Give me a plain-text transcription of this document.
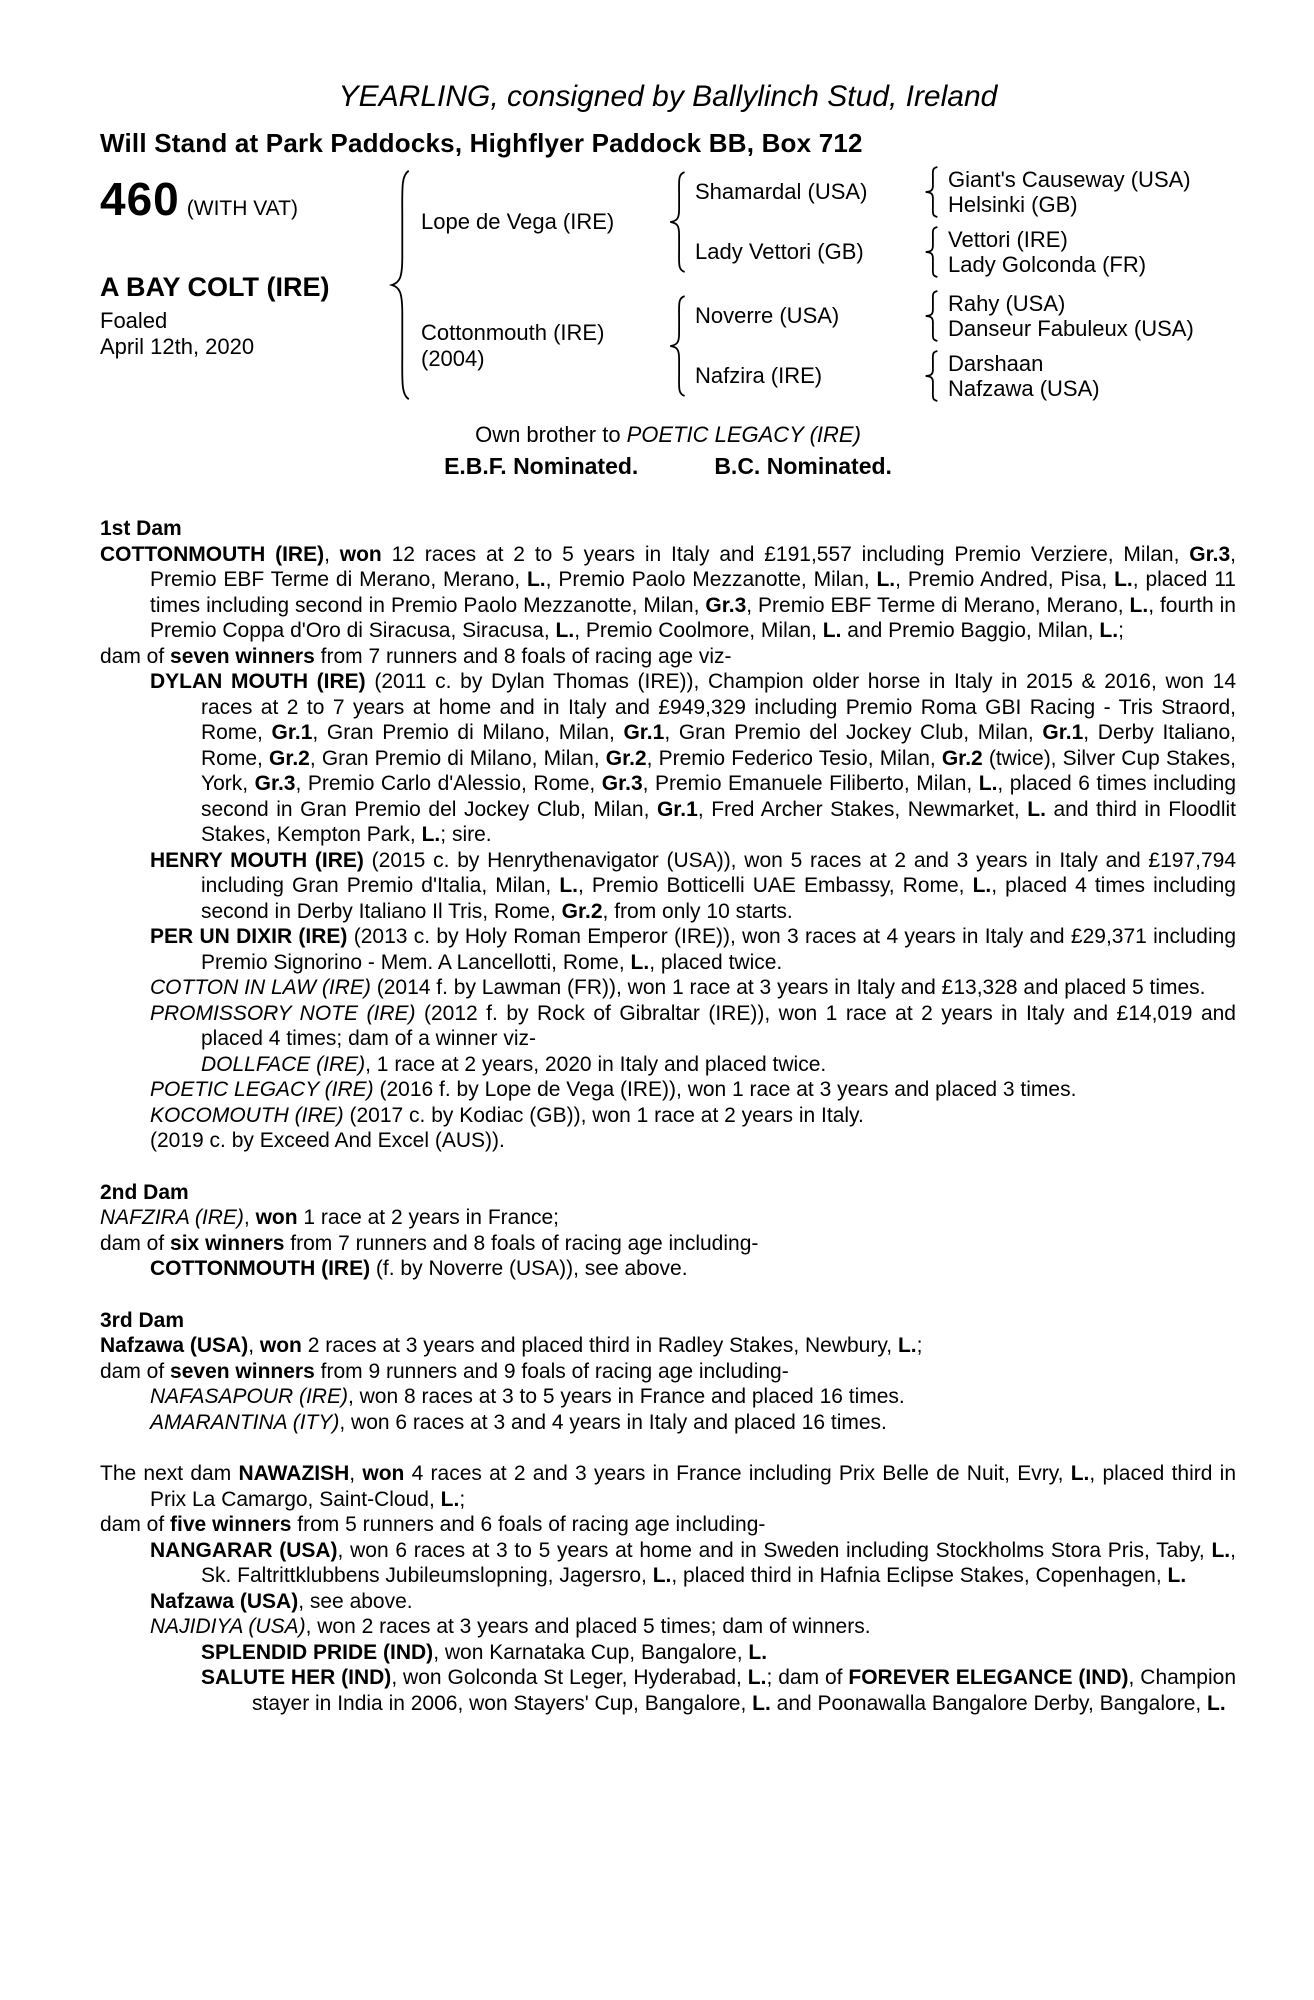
YEARLING, consigned by Ballylinch Stud, Ireland
Will Stand at Park Paddocks, Highflyer Paddock BB, Box 712
460 (WITH VAT)
A BAY COLT (IRE)
Foaled
April 12th, 2020
Lope de Vega (IRE)
Shamardal (USA)	Giant's Causeway (USA)
Helsinki (GB)
Lady Vettori (GB)	Vettori (IRE)
Lady Golconda (FR)
Cottonmouth (IRE)
(2004)
Noverre (USA)	Rahy (USA)
Danseur Fabuleux (USA)
Nafzira (IRE)	Darshaan
Nafzawa (USA)
Own brother to POETIC LEGACY (IRE)
E.B.F. Nominated.	B.C. Nominated.
1st Dam

COTTONMOUTH (IRE), won 12 races at 2 to 5 years in Italy and £191,557 including Premio Verziere, Milan, Gr.3, Premio EBF Terme di Merano, Merano, L., Premio Paolo Mezzanotte, Milan, L., Premio Andred, Pisa, L., placed 11 times including second in Premio Paolo Mezzanotte, Milan, Gr.3, Premio EBF Terme di Merano, Merano, L., fourth in Premio Coppa d'Oro di Siracusa, Siracusa, L., Premio Coolmore, Milan, L. and Premio Baggio, Milan, L.;

dam of seven winners from 7 runners and 8 foals of racing age viz-

DYLAN MOUTH (IRE) (2011 c. by Dylan Thomas (IRE)), Champion older horse in Italy in 2015 & 2016, won 14 races at 2 to 7 years at home and in Italy and £949,329 including Premio Roma GBI Racing - Tris Straord, Rome, Gr.1, Gran Premio di Milano, Milan, Gr.1, Gran Premio del Jockey Club, Milan, Gr.1, Derby Italiano, Rome, Gr.2, Gran Premio di Milano, Milan, Gr.2, Premio Federico Tesio, Milan, Gr.2 (twice), Silver Cup Stakes, York, Gr.3, Premio Carlo d'Alessio, Rome, Gr.3, Premio Emanuele Filiberto, Milan, L., placed 6 times including second in Gran Premio del Jockey Club, Milan, Gr.1, Fred Archer Stakes, Newmarket, L. and third in Floodlit Stakes, Kempton Park, L.; sire.

HENRY MOUTH (IRE) (2015 c. by Henrythenavigator (USA)), won 5 races at 2 and 3 years in Italy and £197,794 including Gran Premio d'Italia, Milan, L., Premio Botticelli UAE Embassy, Rome, L., placed 4 times including second in Derby Italiano Il Tris, Rome, Gr.2, from only 10 starts.

PER UN DIXIR (IRE) (2013 c. by Holy Roman Emperor (IRE)), won 3 races at 4 years in Italy and £29,371 including Premio Signorino - Mem. A Lancellotti, Rome, L., placed twice.

COTTON IN LAW (IRE) (2014 f. by Lawman (FR)), won 1 race at 3 years in Italy and £13,328 and placed 5 times.

PROMISSORY NOTE (IRE) (2012 f. by Rock of Gibraltar (IRE)), won 1 race at 2 years in Italy and £14,019 and placed 4 times; dam of a winner viz-

DOLLFACE (IRE), 1 race at 2 years, 2020 in Italy and placed twice.

POETIC LEGACY (IRE) (2016 f. by Lope de Vega (IRE)), won 1 race at 3 years and placed 3 times.

KOCOMOUTH (IRE) (2017 c. by Kodiac (GB)), won 1 race at 2 years in Italy.

(2019 c. by Exceed And Excel (AUS)).

2nd Dam

NAFZIRA (IRE), won 1 race at 2 years in France;

dam of six winners from 7 runners and 8 foals of racing age including-

COTTONMOUTH (IRE) (f. by Noverre (USA)), see above.

3rd Dam

Nafzawa (USA), won 2 races at 3 years and placed third in Radley Stakes, Newbury, L.;

dam of seven winners from 9 runners and 9 foals of racing age including-

NAFASAPOUR (IRE), won 8 races at 3 to 5 years in France and placed 16 times.

AMARANTINA (ITY), won 6 races at 3 and 4 years in Italy and placed 16 times.

The next dam NAWAZISH, won 4 races at 2 and 3 years in France including Prix Belle de Nuit, Evry, L., placed third in Prix La Camargo, Saint-Cloud, L.;

dam of five winners from 5 runners and 6 foals of racing age including-

NANGARAR (USA), won 6 races at 3 to 5 years at home and in Sweden including Stockholms Stora Pris, Taby, L., Sk. Faltrittklubbens Jubileumslopning, Jagersro, L., placed third in Hafnia Eclipse Stakes, Copenhagen, L.

Nafzawa (USA), see above.

NAJIDIYA (USA), won 2 races at 3 years and placed 5 times; dam of winners.

SPLENDID PRIDE (IND), won Karnataka Cup, Bangalore, L.

SALUTE HER (IND), won Golconda St Leger, Hyderabad, L.; dam of FOREVER ELEGANCE (IND), Champion stayer in India in 2006, won Stayers' Cup, Bangalore, L. and Poonawalla Bangalore Derby, Bangalore, L.
